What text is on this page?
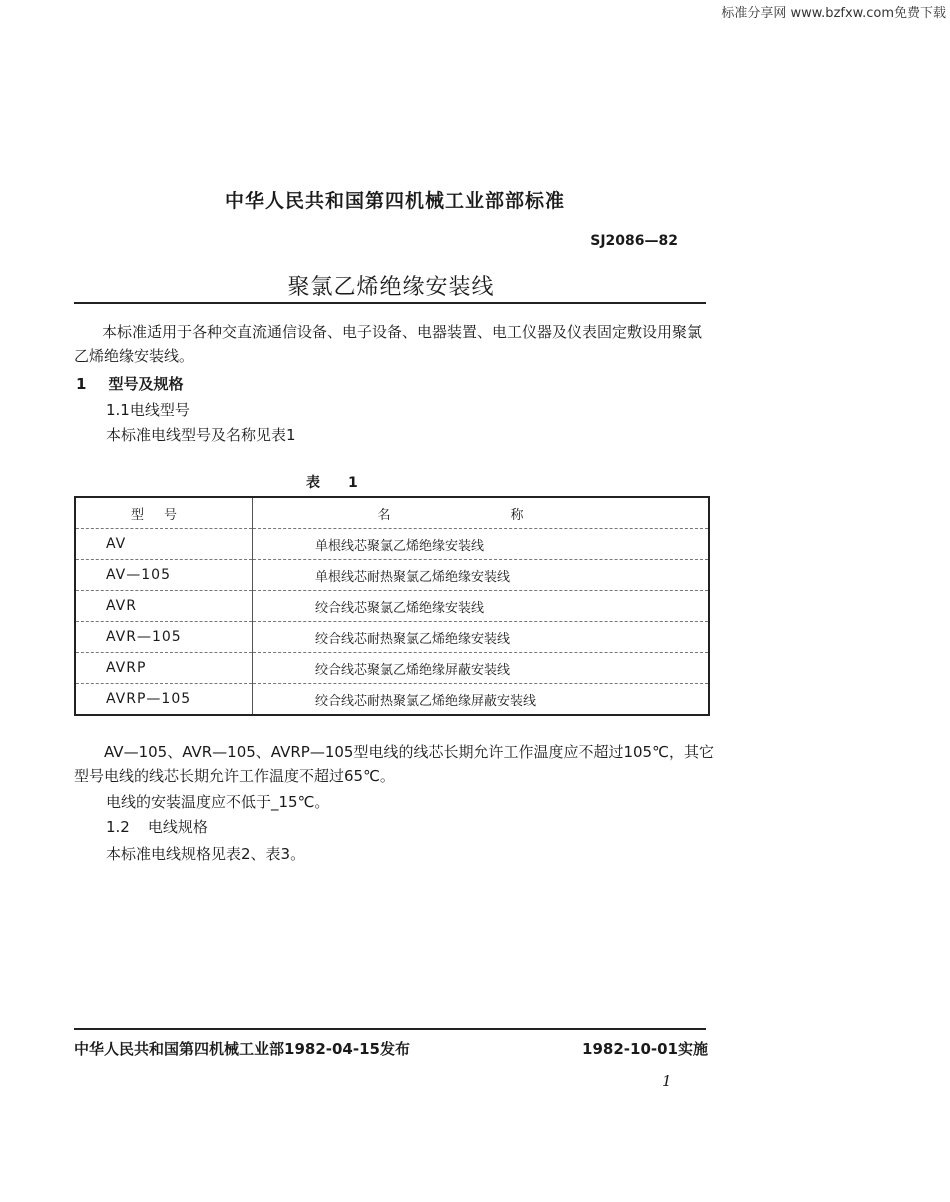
标准分享网 www.bzfxw.com免费下载
中华人民共和国第四机械工业部部标准
SJ2086—82
聚氯乙烯绝缘安装线
本标准适用于各种交直流通信设备、电子设备、电器装置、电工仪器及仪表固定敷设用聚氯乙烯绝缘安装线。
1 型号及规格
1.1电线型号
本标准电线型号及名称见表1
表 1
型号	名称
AV	单根线芯聚氯乙烯绝缘安装线
AV—105	单根线芯耐热聚氯乙烯绝缘安装线
AVR	绞合线芯聚氯乙烯绝缘安装线
AVR—105	绞合线芯耐热聚氯乙烯绝缘安装线
AVRP	绞合线芯聚氯乙烯绝缘屏蔽安装线
AVRP—105	绞合线芯耐热聚氯乙烯绝缘屏蔽安装线
AV—105、AVR—105、AVRP—105型电线的线芯长期允许工作温度应不超过105℃，其它型号电线的线芯长期允许工作温度不超过65℃。
电线的安装温度应不低于_15℃。
1.2 电线规格
本标准电线规格见表2、表3。
中华人民共和国第四机械工业部1982-04-15发布	1982-10-01实施
1
